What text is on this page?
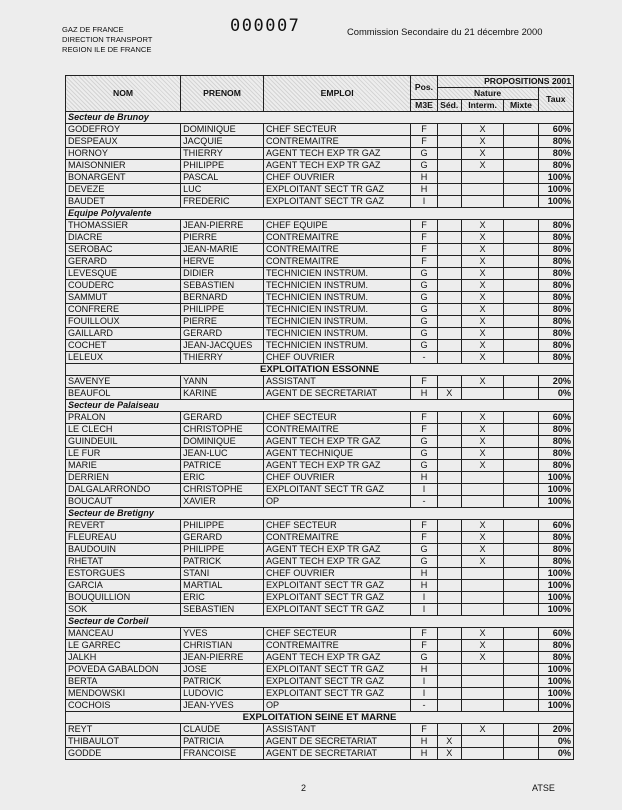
GAZ DE FRANCE
DIRECTION TRANSPORT
REGION ILE DE FRANCE
000007	Commission Secondaire du 21 décembre 2000
NOM	PRENOM	EMPLOI	Pos.	PROPOSITIONS 2001			
				Nature			Taux
			M3E	Séd.	Interm.	Mixte	
Secteur de Brunoy							
GODEFROY	DOMINIQUE	CHEF SECTEUR	F		X		60%
DESPEAUX	JACQUIE	CONTREMAITRE	F		X		80%
HORNOY	THIERRY	AGENT TECH EXP TR GAZ	G		X		80%
MAISONNIER	PHILIPPE	AGENT TECH EXP TR GAZ	G		X		80%
BONARGENT	PASCAL	CHEF OUVRIER	H				100%
DEVEZE	LUC	EXPLOITANT SECT TR GAZ	H				100%
BAUDET	FREDERIC	EXPLOITANT SECT TR GAZ	I				100%
Equipe Polyvalente							
THOMASSIER	JEAN-PIERRE	CHEF EQUIPE	F		X		80%
DIACRE	PIERRE	CONTREMAITRE	F		X		80%
SEROBAC	JEAN-MARIE	CONTREMAITRE	F		X		80%
GERARD	HERVE	CONTREMAITRE	F		X		80%
LEVESQUE	DIDIER	TECHNICIEN INSTRUM.	G		X		80%
COUDERC	SEBASTIEN	TECHNICIEN INSTRUM.	G		X		80%
SAMMUT	BERNARD	TECHNICIEN INSTRUM.	G		X		80%
CONFRERE	PHILIPPE	TECHNICIEN INSTRUM.	G		X		80%
FOUILLOUX	PIERRE	TECHNICIEN INSTRUM.	G		X		80%
GAILLARD	GERARD	TECHNICIEN INSTRUM.	G		X		80%
COCHET	JEAN-JACQUES	TECHNICIEN INSTRUM.	G		X		80%
LELEUX	THIERRY	CHEF OUVRIER	-		X		80%
EXPLOITATION ESSONNE							
SAVENYE	YANN	ASSISTANT	F		X		20%
BEAUFOL	KARINE	AGENT DE SECRETARIAT	H	X			0%
Secteur de Palaiseau							
PRALON	GERARD	CHEF SECTEUR	F		X		60%
LE CLECH	CHRISTOPHE	CONTREMAITRE	F		X		80%
GUINDEUIL	DOMINIQUE	AGENT TECH EXP TR GAZ	G		X		80%
LE FUR	JEAN-LUC	AGENT TECHNIQUE	G		X		80%
MARIE	PATRICE	AGENT TECH EXP TR GAZ	G		X		80%
DERRIEN	ERIC	CHEF OUVRIER	H				100%
DALGALARRONDO	CHRISTOPHE	EXPLOITANT SECT TR GAZ	I				100%
BOUCAUT	XAVIER	OP	-				100%
Secteur de Bretigny							
REVERT	PHILIPPE	CHEF SECTEUR	F		X		60%
FLEUREAU	GERARD	CONTREMAITRE	F		X		80%
BAUDOUIN	PHILIPPE	AGENT TECH EXP TR GAZ	G		X		80%
RHETAT	PATRICK	AGENT TECH EXP TR GAZ	G		X		80%
ESTORGUES	STANI	CHEF OUVRIER	H				100%
GARCIA	MARTIAL	EXPLOITANT SECT TR GAZ	H				100%
BOUQUILLION	ERIC	EXPLOITANT SECT TR GAZ	I				100%
SOK	SEBASTIEN	EXPLOITANT SECT TR GAZ	I				100%
Secteur de Corbeil							
MANCEAU	YVES	CHEF SECTEUR	F		X		60%
LE GARREC	CHRISTIAN	CONTREMAITRE	F		X		80%
JALKH	JEAN-PIERRE	AGENT TECH EXP TR GAZ	G		X		80%
POVEDA GABALDON	JOSE	EXPLOITANT SECT TR GAZ	H				100%
BERTA	PATRICK	EXPLOITANT SECT TR GAZ	I				100%
MENDOWSKI	LUDOVIC	EXPLOITANT SECT TR GAZ	I				100%
COCHOIS	JEAN-YVES	OP	-				100%
EXPLOITATION SEINE ET MARNE							
REYT	CLAUDE	ASSISTANT	F		X		20%
THIBAULOT	PATRICIA	AGENT DE SECRETARIAT	H	X			0%
GODDE	FRANCOISE	AGENT DE SECRETARIAT	H	X			0%
2	ATSE
